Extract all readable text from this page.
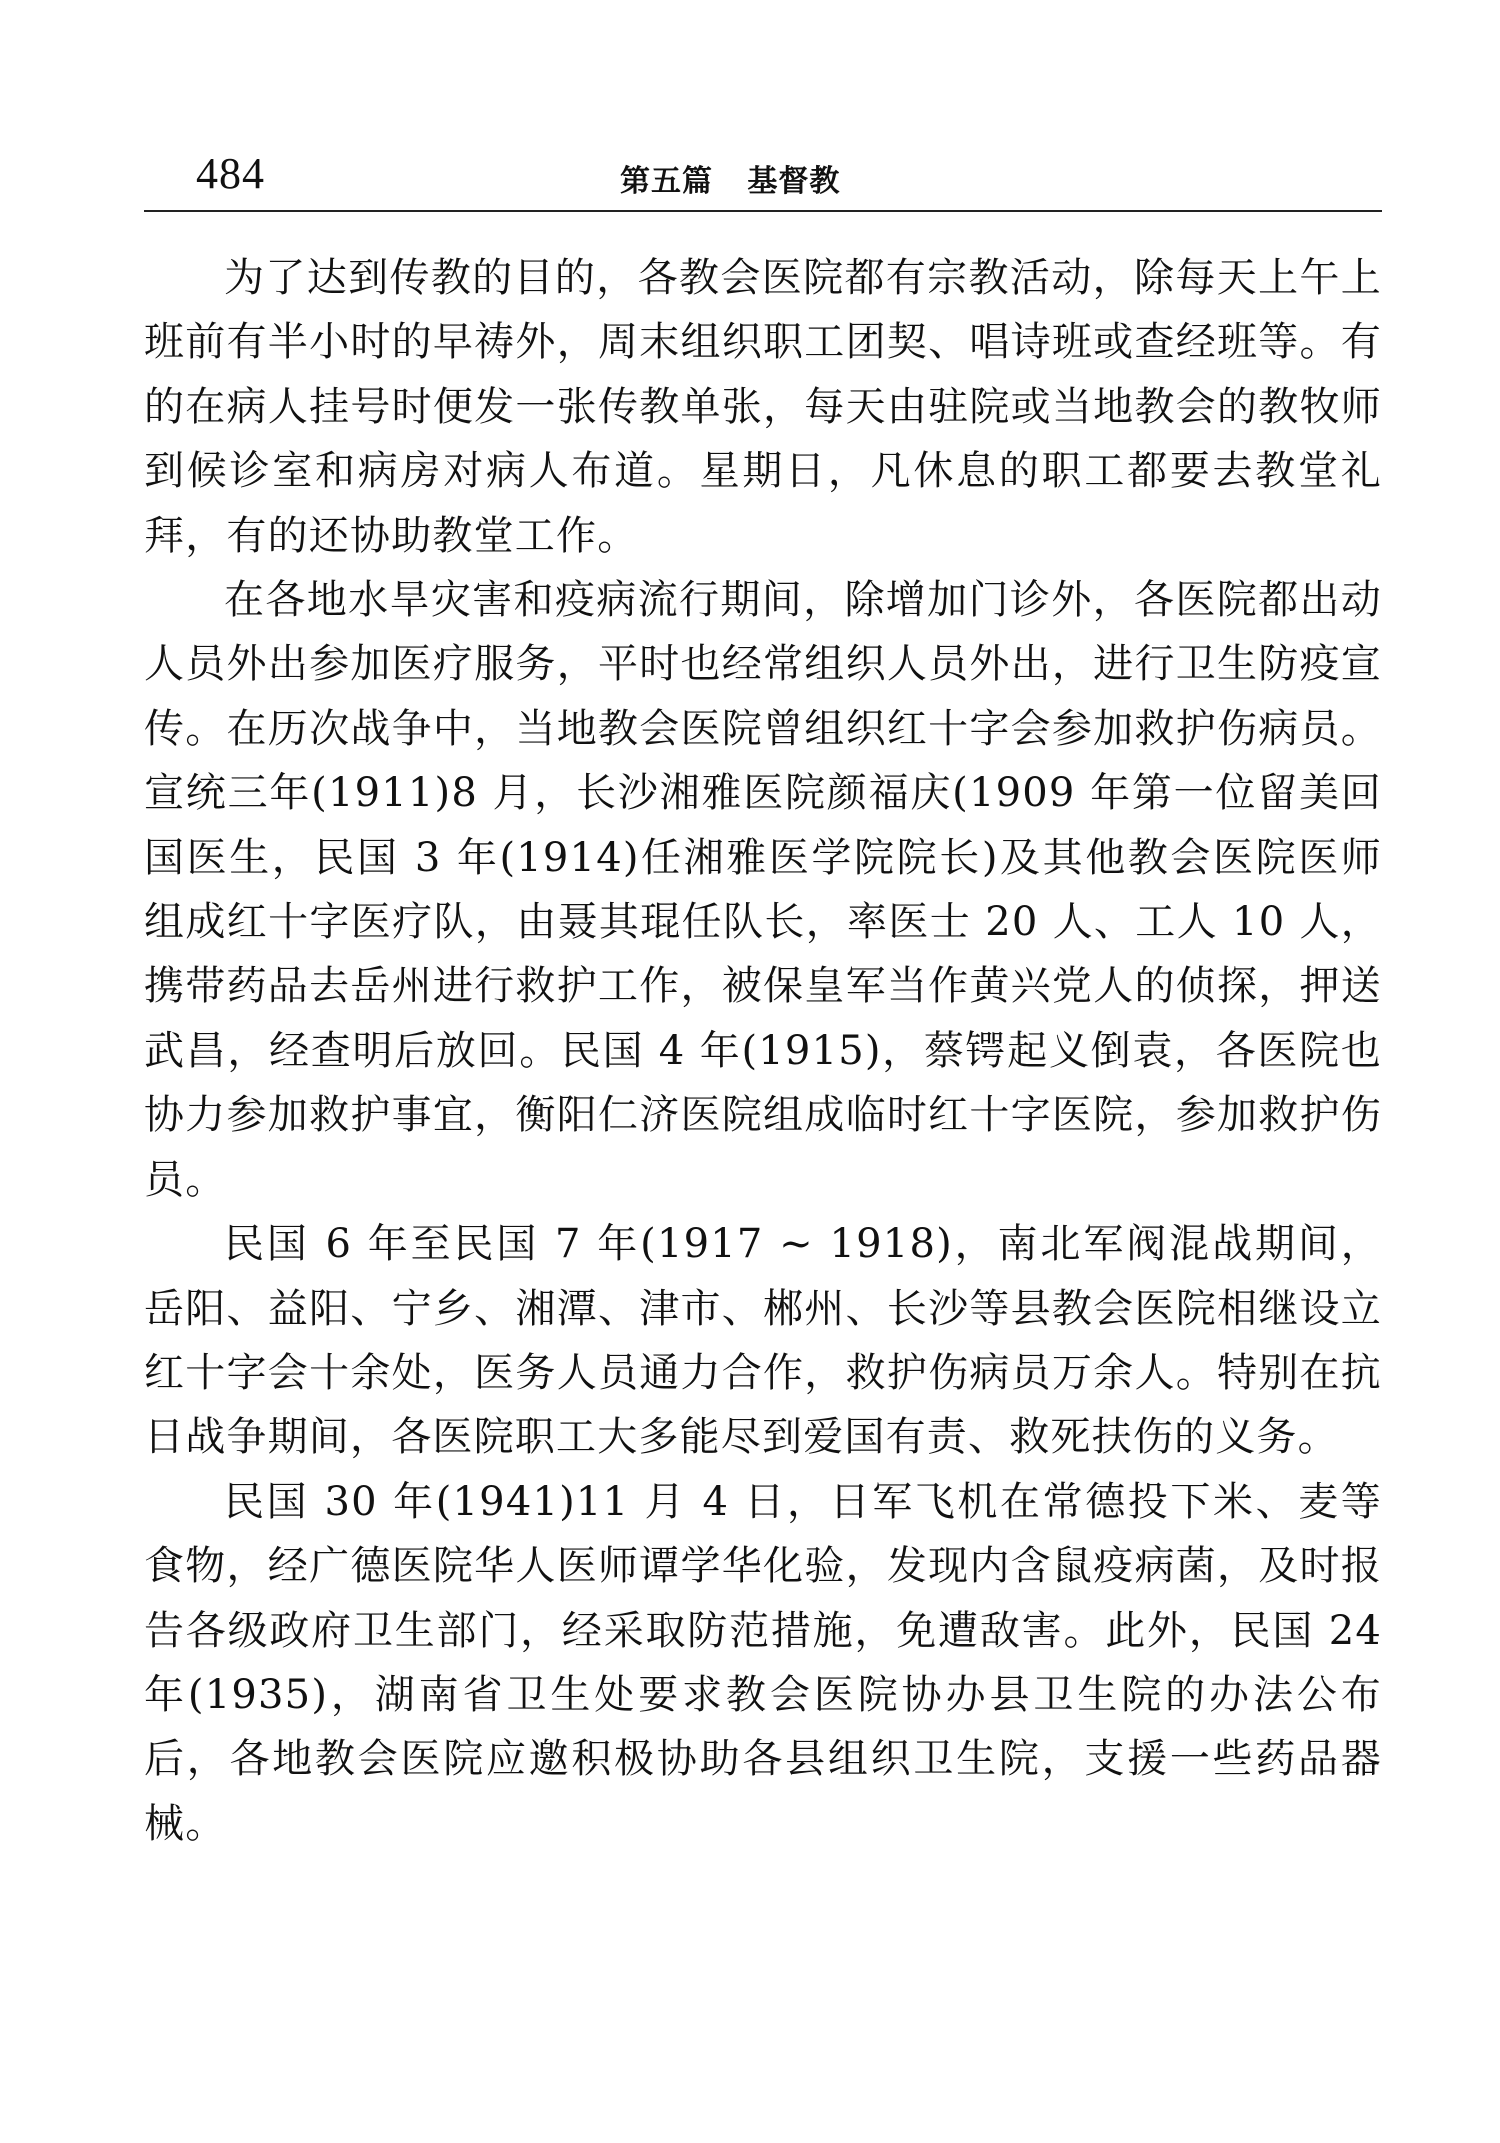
484	第五篇   基督教

为了达到传教的目的，各教会医院都有宗教活动，除每天上午上班前有半小时的早祷外，周末组织职工团契、唱诗班或查经班等。有的在病人挂号时便发一张传教单张，每天由驻院或当地教会的教牧师到候诊室和病房对病人布道。星期日，凡休息的职工都要去教堂礼拜，有的还协助教堂工作。

在各地水旱灾害和疫病流行期间，除增加门诊外，各医院都出动人员外出参加医疗服务，平时也经常组织人员外出，进行卫生防疫宣传。在历次战争中，当地教会医院曾组织红十字会参加救护伤病员。宣统三年(1911)8 月，长沙湘雅医院颜福庆(1909 年第一位留美回国医生，民国 3 年(1914)任湘雅医学院院长)及其他教会医院医师组成红十字医疗队，由聂其琨任队长，率医士 20 人、工人 10 人，携带药品去岳州进行救护工作，被保皇军当作黄兴党人的侦探，押送武昌，经查明后放回。民国 4 年(1915)，蔡锷起义倒袁，各医院也协力参加救护事宜，衡阳仁济医院组成临时红十字医院，参加救护伤员。

民国 6 年至民国 7 年(1917 ~ 1918)，南北军阀混战期间，岳阳、益阳、宁乡、湘潭、津市、郴州、长沙等县教会医院相继设立红十字会十余处，医务人员通力合作，救护伤病员万余人。特别在抗日战争期间，各医院职工大多能尽到爱国有责、救死扶伤的义务。

民国 30 年(1941)11 月 4 日，日军飞机在常德投下米、麦等食物，经广德医院华人医师谭学华化验，发现内含鼠疫病菌，及时报告各级政府卫生部门，经采取防范措施，免遭敌害。此外，民国 24 年(1935)，湖南省卫生处要求教会医院协办县卫生院的办法公布后，各地教会医院应邀积极协助各县组织卫生院，支援一些药品器械。
